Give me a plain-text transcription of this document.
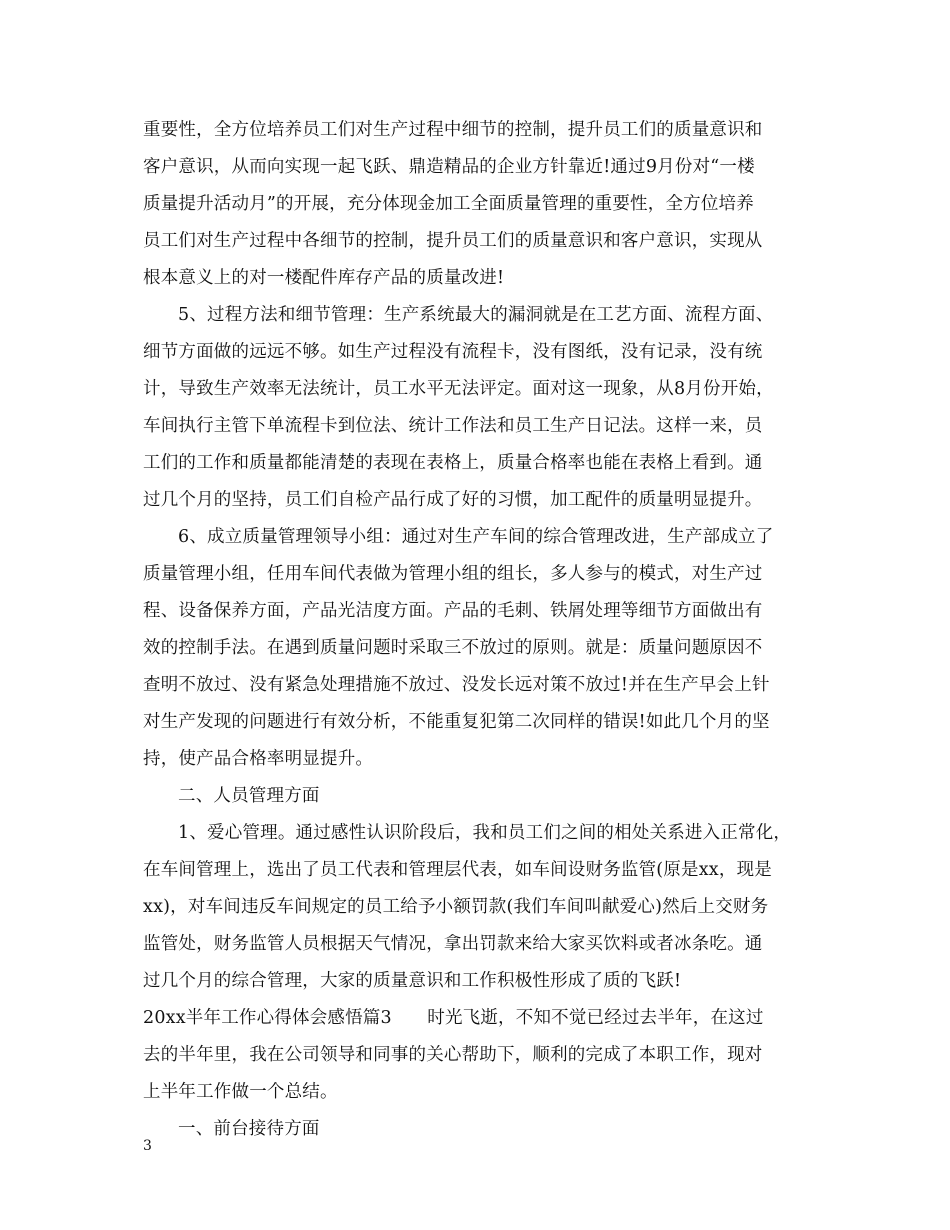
重要性，全方位培养员工们对生产过程中细节的控制，提升员工们的质量意识和
客户意识，从而向实现一起飞跃、鼎造精品的企业方针靠近!通过9月份对“一楼
质量提升活动月”的开展，充分体现金加工全面质量管理的重要性，全方位培养
员工们对生产过程中各细节的控制，提升员工们的质量意识和客户意识，实现从
根本意义上的对一楼配件库存产品的质量改进!
5、过程方法和细节管理：生产系统最大的漏洞就是在工艺方面、流程方面、
细节方面做的远远不够。如生产过程没有流程卡，没有图纸，没有记录，没有统
计，导致生产效率无法统计，员工水平无法评定。面对这一现象，从8月份开始，
车间执行主管下单流程卡到位法、统计工作法和员工生产日记法。这样一来，员
工们的工作和质量都能清楚的表现在表格上，质量合格率也能在表格上看到。通
过几个月的坚持，员工们自检产品行成了好的习惯，加工配件的质量明显提升。
6、成立质量管理领导小组：通过对生产车间的综合管理改进，生产部成立了
质量管理小组，任用车间代表做为管理小组的组长，多人参与的模式，对生产过
程、设备保养方面，产品光洁度方面。产品的毛刺、铁屑处理等细节方面做出有
效的控制手法。在遇到质量问题时采取三不放过的原则。就是：质量问题原因不
查明不放过、没有紧急处理措施不放过、没发长远对策不放过!并在生产早会上针
对生产发现的问题进行有效分析，不能重复犯第二次同样的错误!如此几个月的坚
持，使产品合格率明显提升。
二、人员管理方面
1、爱心管理。通过感性认识阶段后，我和员工们之间的相处关系进入正常化，
在车间管理上，选出了员工代表和管理层代表，如车间设财务监管(原是xx，现是
xx)，对车间违反车间规定的员工给予小额罚款(我们车间叫献爱心)然后上交财务
监管处，财务监管人员根据天气情况，拿出罚款来给大家买饮料或者冰条吃。通
过几个月的综合管理，大家的质量意识和工作积极性形成了质的飞跃!
20xx半年工作心得体会感悟篇3　　时光飞逝，不知不觉已经过去半年，在这过
去的半年里，我在公司领导和同事的关心帮助下，顺利的完成了本职工作，现对
上半年工作做一个总结。
一、前台接待方面
3
